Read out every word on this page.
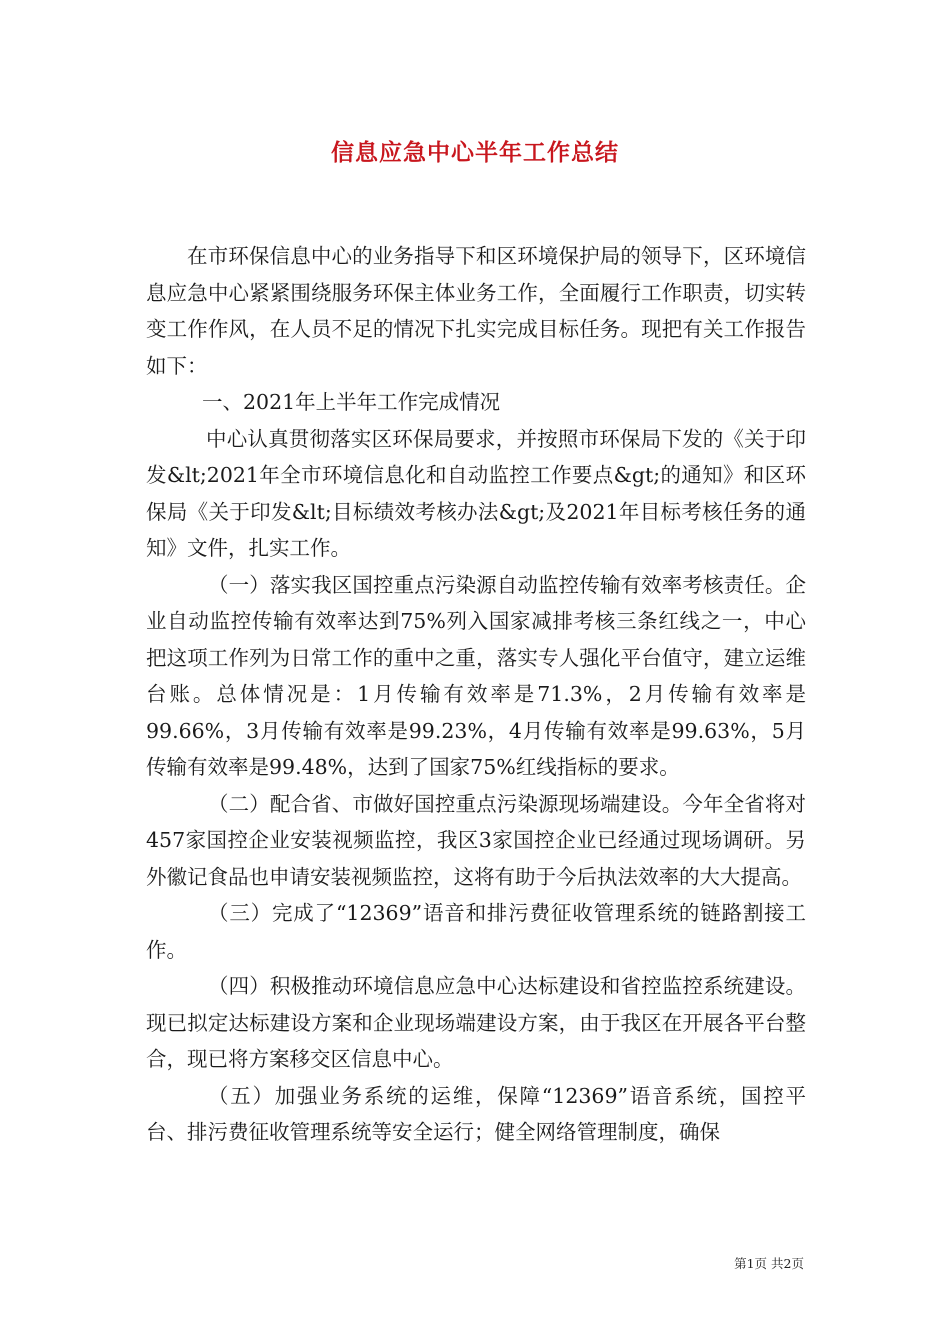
信息应急中心半年工作总结

在市环保信息中心的业务指导下和区环境保护局的领导下，区环境信息应急中心紧紧围绕服务环保主体业务工作，全面履行工作职责，切实转变工作作风，在人员不足的情况下扎实完成目标任务。现把有关工作报告如下：

一、2021年上半年工作完成情况

中心认真贯彻落实区环保局要求，并按照市环保局下发的《关于印发&lt;2021年全市环境信息化和自动监控工作要点&gt;的通知》和区环保局《关于印发&lt;目标绩效考核办法&gt;及2021年目标考核任务的通知》文件，扎实工作。

（一）落实我区国控重点污染源自动监控传输有效率考核责任。企业自动监控传输有效率达到75%列入国家减排考核三条红线之一，中心把这项工作列为日常工作的重中之重，落实专人强化平台值守，建立运维台账。总体情况是：1月传输有效率是71.3%，2月传输有效率是99.66%，3月传输有效率是99.23%，4月传输有效率是99.63%，5月传输有效率是99.48%，达到了国家75%红线指标的要求。

（二）配合省、市做好国控重点污染源现场端建设。今年全省将对457家国控企业安装视频监控，我区3家国控企业已经通过现场调研。另外徽记食品也申请安装视频监控，这将有助于今后执法效率的大大提高。

（三）完成了“12369”语音和排污费征收管理系统的链路割接工作。

（四）积极推动环境信息应急中心达标建设和省控监控系统建设。现已拟定达标建设方案和企业现场端建设方案，由于我区在开展各平台整合，现已将方案移交区信息中心。

（五）加强业务系统的运维，保障“12369”语音系统，国控平台、排污费征收管理系统等安全运行；健全网络管理制度，确保

第1页 共2页
